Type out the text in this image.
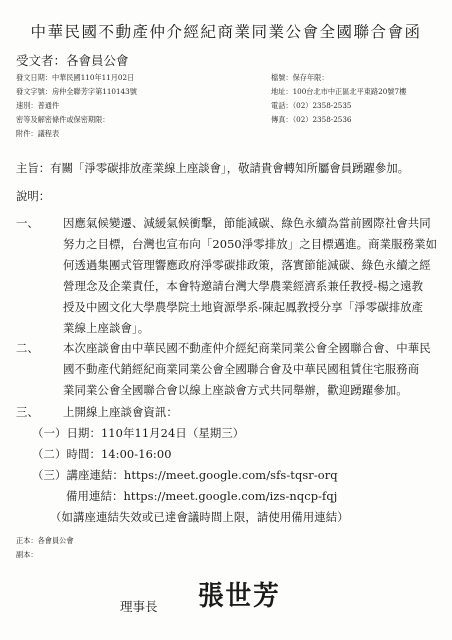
中華民國不動產仲介經紀商業同業公會全國聯合會函
受文者：各會員公會
發文日期：中華民國110年11月02日
發文字號：房仲全聯芳字第110143號
速別：普通件
密等及解密條件或保密期限：
附件：議程表
檔號：保存年限：
地址：100台北市中正區北平東路20號7樓
電話：（02）2358-2535
傳真：（02）2358-2536
主旨：有關「淨零碳排放產業線上座談會」，敬請貴會轉知所屬會員踴躍參加。
說明：
一、 因應氣候變遷、減緩氣候衝擊，節能減碳、綠色永續為當前國際社會共同
努力之目標，台灣也宣布向「2050淨零排放」之目標邁進。商業服務業如
何透過集團式管理響應政府淨零碳排政策，落實節能減碳、綠色永續之經
營理念及企業責任，本會特邀請台灣大學農業經濟系兼任教授-楊之遠教
授及中國文化大學農學院土地資源學系-陳起鳳教授分享「淨零碳排放產
業線上座談會」。
二、 本次座談會由中華民國不動產仲介經紀商業同業公會全國聯合會、中華民
國不動產代銷經紀商業同業公會全國聯合會及中華民國租賃住宅服務商
業同業公會全國聯合會以線上座談會方式共同舉辦，歡迎踴躍參加。
三、 上開線上座談會資訊：
（一）日期：110年11月24日（星期三）
（二）時間：14:00-16:00
（三）講座連結：https://meet.google.com/sfs-tqsr-orq
備用連結：https://meet.google.com/izs-nqcp-fqj
（如講座連結失效或已達會議時間上限，請使用備用連結）
正本：各會員公會
副本：
理事長 張世芳
